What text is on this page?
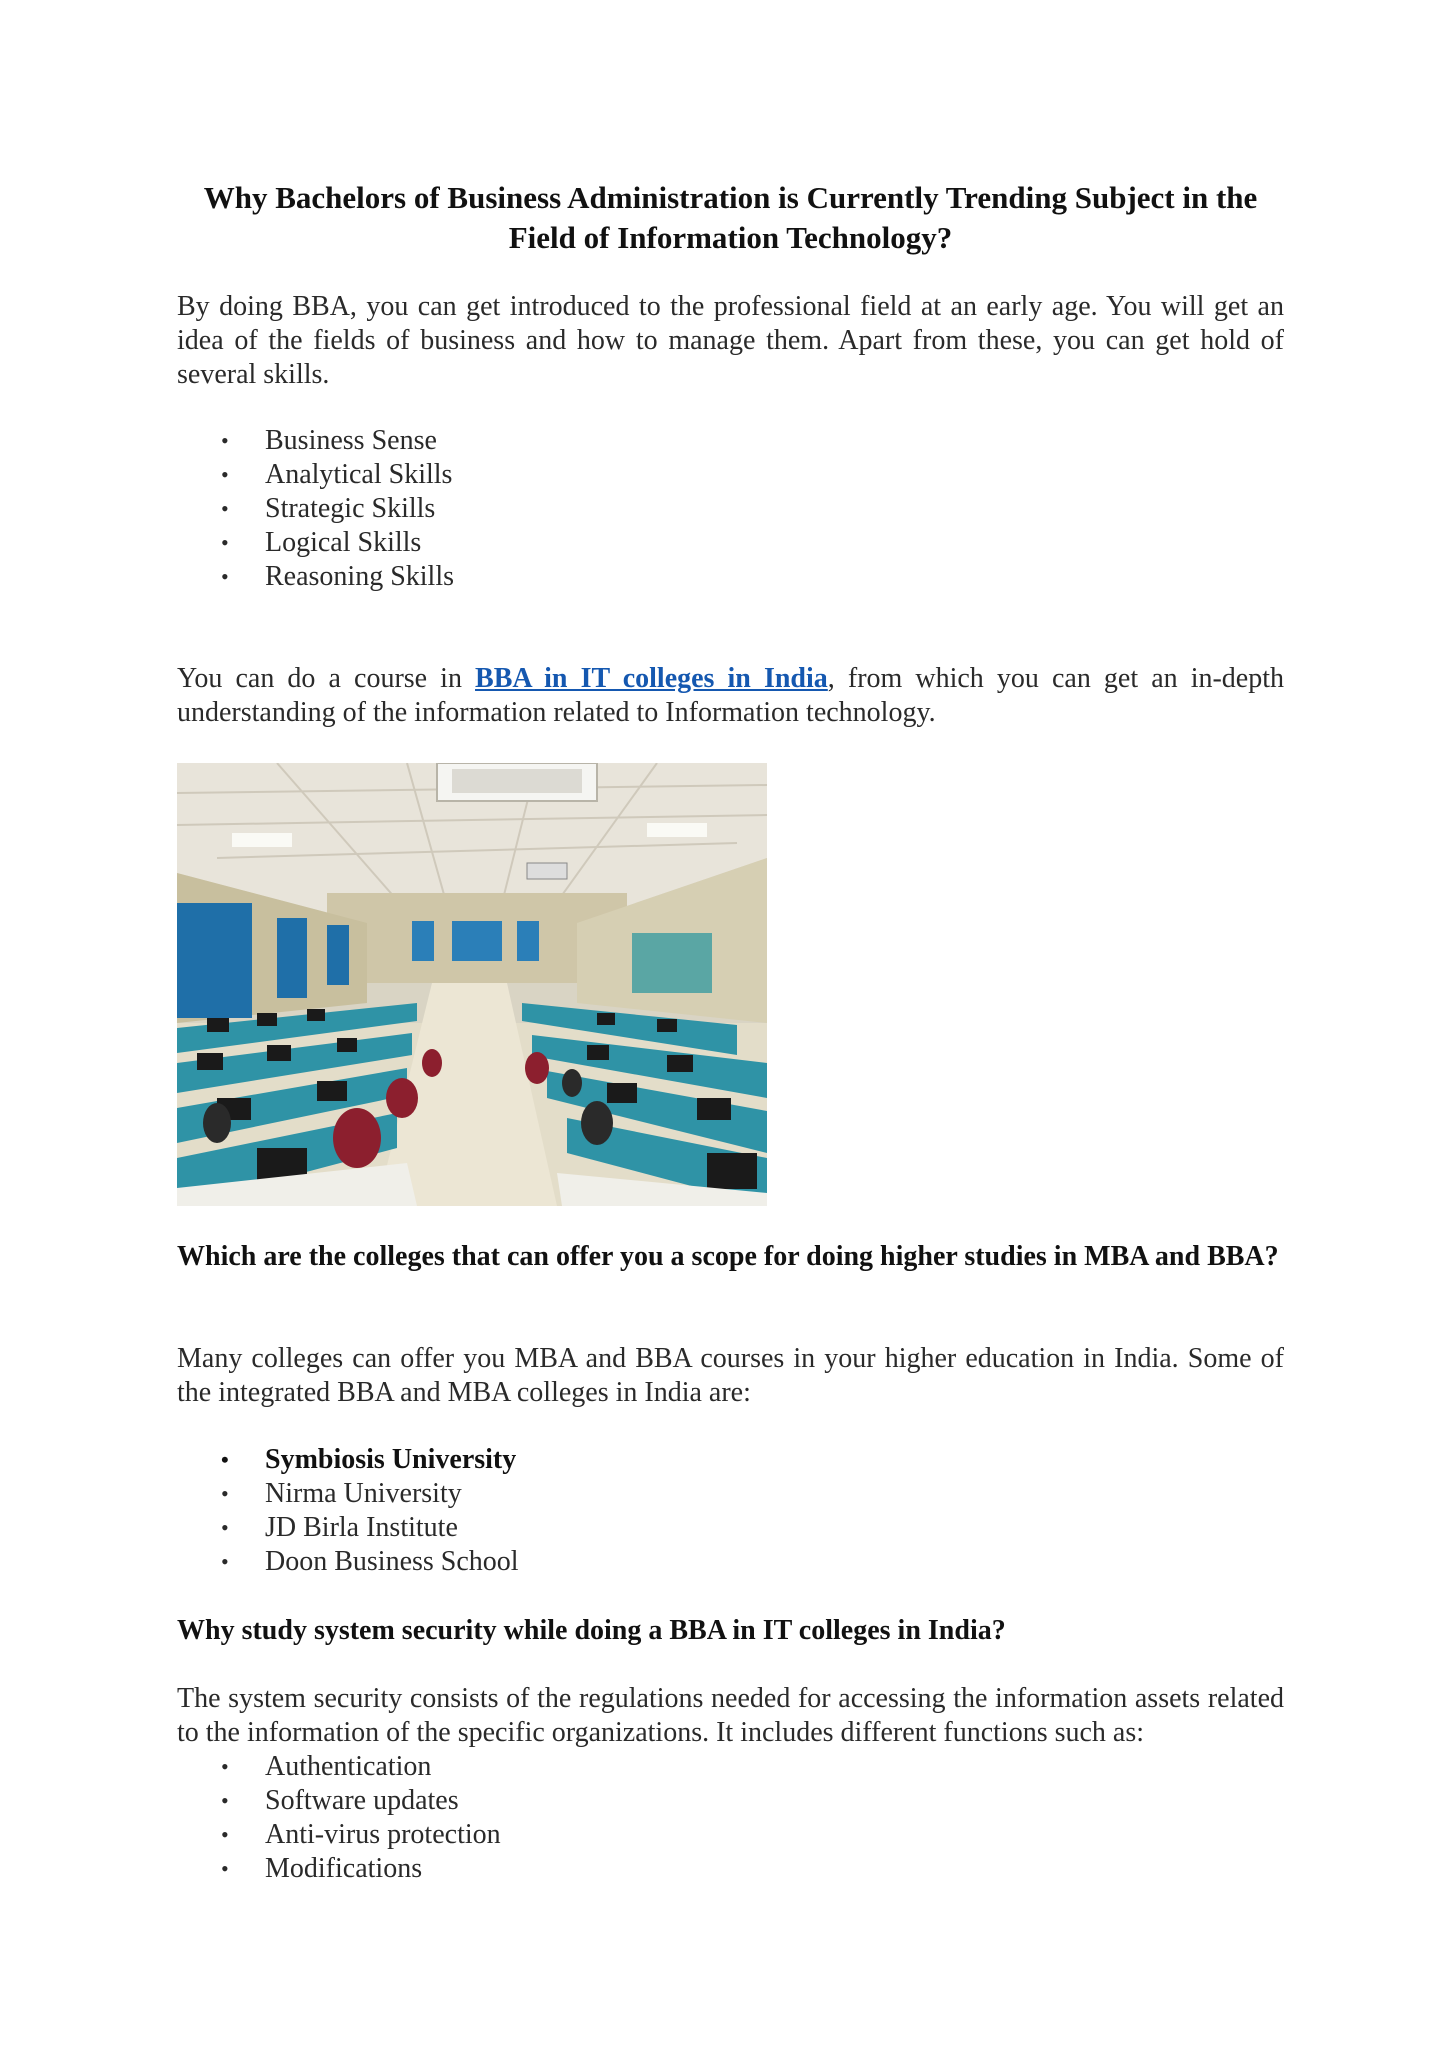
Why Bachelors of Business Administration is Currently Trending Subject in the Field of Information Technology?

By doing BBA, you can get introduced to the professional field at an early age. You will get an idea of the fields of business and how to manage them. Apart from these, you can get hold of several skills.

• Business Sense
• Analytical Skills
• Strategic Skills
• Logical Skills
• Reasoning Skills

You can do a course in BBA in IT colleges in India, from which you can get an in-depth understanding of the information related to Information technology.

Which are the colleges that can offer you a scope for doing higher studies in MBA and BBA?

Many colleges can offer you MBA and BBA courses in your higher education in India. Some of the integrated BBA and MBA colleges in India are:

• Symbiosis University
• Nirma University
• JD Birla Institute
• Doon Business School

Why study system security while doing a BBA in IT colleges in India?

The system security consists of the regulations needed for accessing the information assets related to the information of the specific organizations. It includes different functions such as:

• Authentication
• Software updates
• Anti-virus protection
• Modifications
